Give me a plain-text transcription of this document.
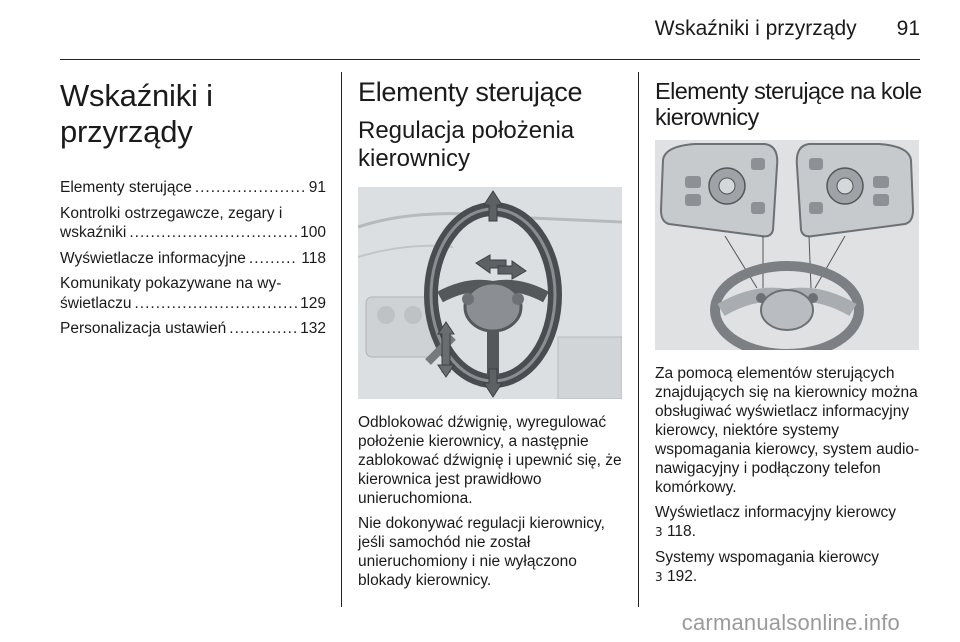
Wskaźniki i przyrządy 91
Wskaźniki i przyrządy
Elementy sterujące .....	91
Kontrolki ostrzegawcze, zegary i
wskaźniki .....	100
Wyświetlacze informacyjne .....	118
Komunikaty pokazywane na wy-
świetlaczu .....	129
Personalizacja ustawień .....	132
Elementy sterujące
Regulacja położenia
kierownicy

Odblokować dźwignię, wyregulować położenie kierownicy, a następnie zablokować dźwignię i upewnić się, że kierownica jest prawidłowo unieruchomiona.

Nie dokonywać regulacji kierownicy, jeśli samochód nie został unieruchomiony i nie wyłączono blokady kierownicy.

Elementy sterujące na kole
kierownicy

Za pomocą elementów sterujących znajdujących się na kierownicy można obsługiwać wyświetlacz informacyjny kierowcy, niektóre systemy wspomagania kierowcy, system audio-nawigacyjny i podłączony telefon komórkowy.

Wyświetlacz informacyjny kierowcy
3 118.

Systemy wspomagania kierowcy
3 192.

carmanualsonline.info
